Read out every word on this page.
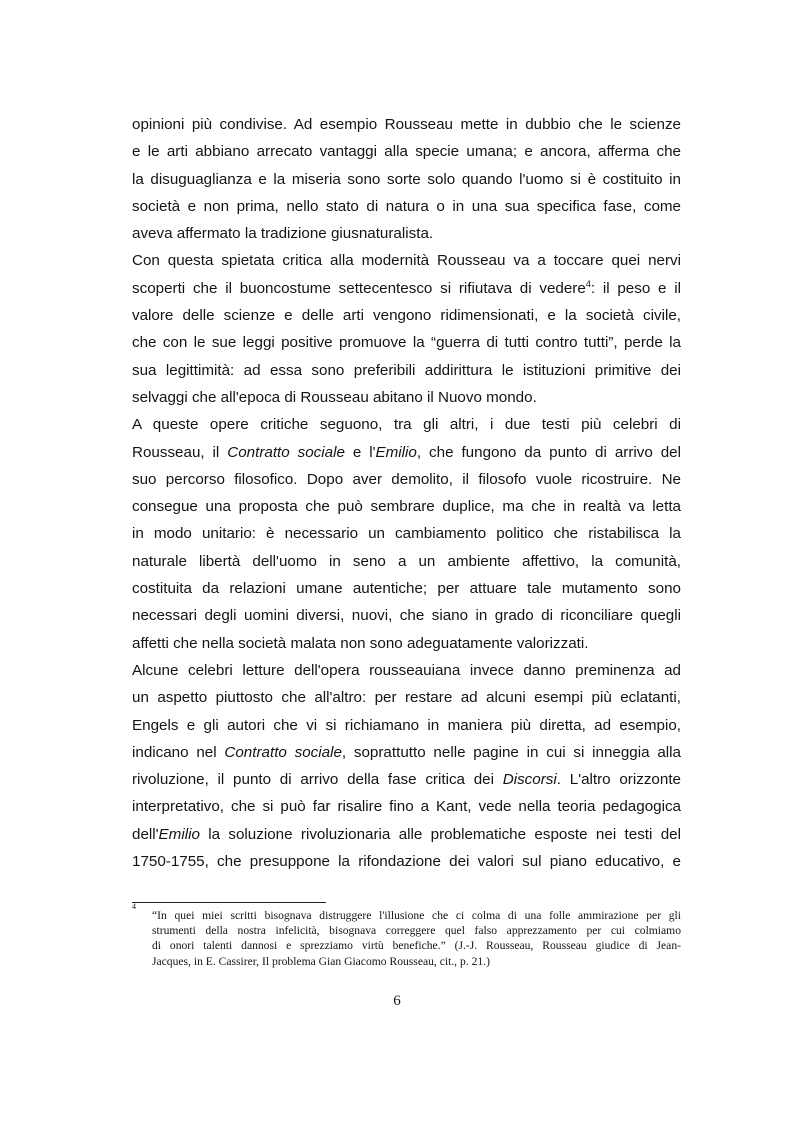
opinioni più condivise. Ad esempio Rousseau mette in dubbio che le scienze
e le arti abbiano arrecato vantaggi alla specie umana; e ancora, afferma che
la disuguaglianza e la miseria sono sorte solo quando l'uomo si è costituito in
società e non prima, nello stato di natura o in una sua specifica fase, come
aveva affermato la tradizione giusnaturalista.

Con questa spietata critica alla modernità Rousseau va a toccare quei nervi
scoperti che il buoncostume settecentesco si rifiutava di vedere$^4$: il peso e il
valore delle scienze e delle arti vengono ridimensionati, e la società civile,
che con le sue leggi positive promuove la “guerra di tutti contro tutti”, perde la
sua legittimità: ad essa sono preferibili addirittura le istituzioni primitive dei
selvaggi che all'epoca di Rousseau abitano il Nuovo mondo.

A queste opere critiche seguono, tra gli altri, i due testi più celebri di
Rousseau, il Contratto sociale e l'Emilio, che fungono da punto di arrivo del
suo percorso filosofico. Dopo aver demolito, il filosofo vuole ricostruire. Ne
consegue una proposta che può sembrare duplice, ma che in realtà va letta
in modo unitario: è necessario un cambiamento politico che ristabilisca la
naturale libertà dell'uomo in seno a un ambiente affettivo, la comunità,
costituita da relazioni umane autentiche; per attuare tale mutamento sono
necessari degli uomini diversi, nuovi, che siano in grado di riconciliare quegli
affetti che nella società malata non sono adeguatamente valorizzati.

Alcune celebri letture dell'opera rousseauiana invece danno preminenza ad
un aspetto piuttosto che all'altro: per restare ad alcuni esempi più eclatanti,
Engels e gli autori che vi si richiamano in maniera più diretta, ad esempio,
indicano nel Contratto sociale, soprattutto nelle pagine in cui si inneggia alla
rivoluzione, il punto di arrivo della fase critica dei Discorsi. L'altro orizzonte
interpretativo, che si può far risalire fino a Kant, vede nella teoria pedagogica
dell'Emilio la soluzione rivoluzionaria alle problematiche esposte nei testi del
1750-1755, che presuppone la rifondazione dei valori sul piano educativo, e

4
“In quei miei scritti bisognava distruggere l'illusione che ci colma di una folle ammirazione per gli
strumenti della nostra infelicità, bisognava correggere quel falso apprezzamento per cui colmiamo
di onori talenti dannosi e sprezziamo virtù benefiche.” (J.-J. Rousseau, Rousseau giudice di Jean-
Jacques, in E. Cassirer, Il problema Gian Giacomo Rousseau, cit., p. 21.)
6
